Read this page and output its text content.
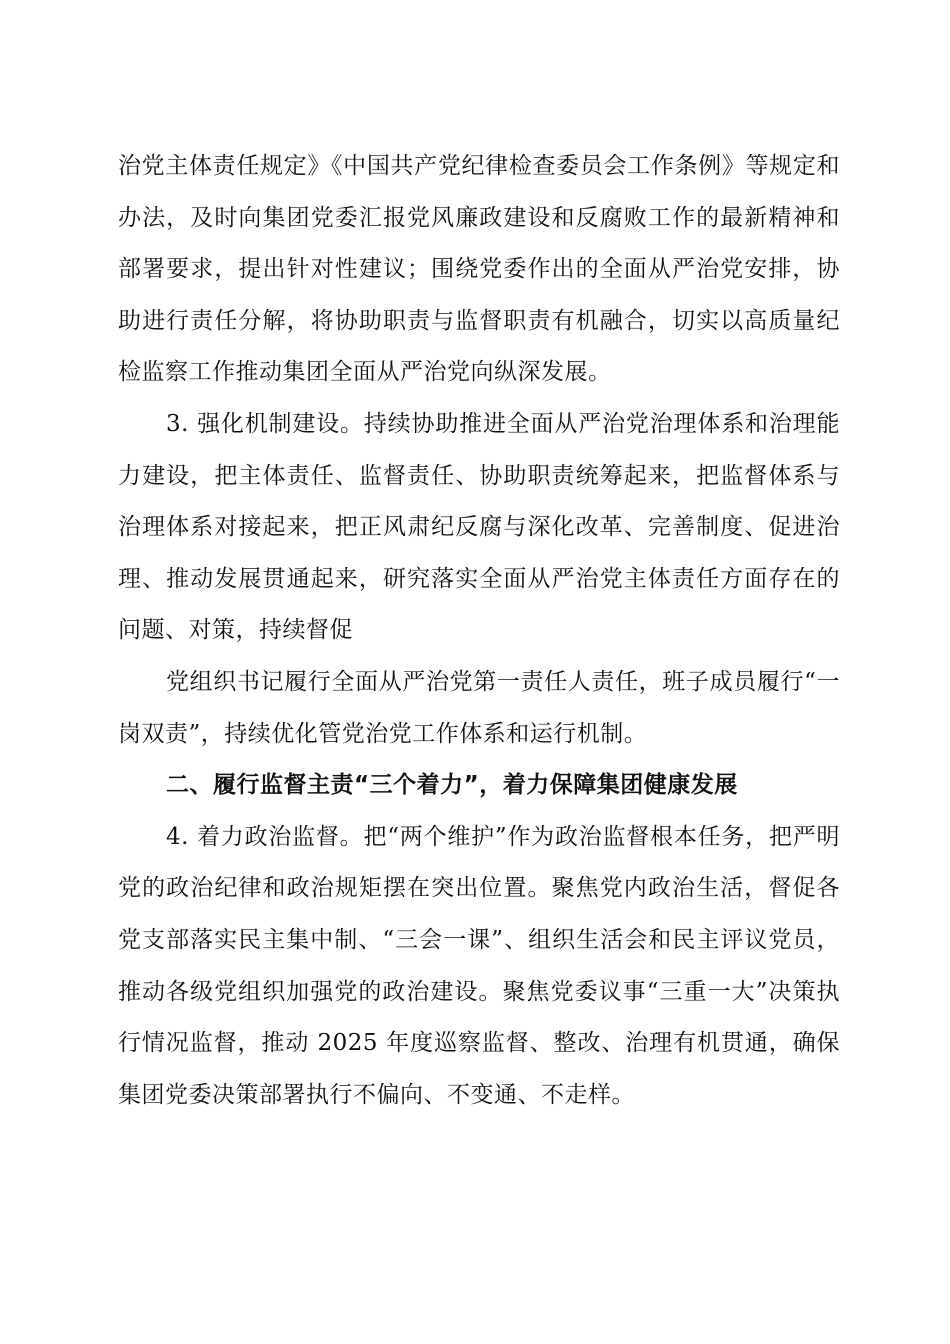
治党主体责任规定》《中国共产党纪律检查委员会工作条例》等规定和办法，及时向集团党委汇报党风廉政建设和反腐败工作的最新精神和部署要求，提出针对性建议；围绕党委作出的全面从严治党安排，协助进行责任分解，将协助职责与监督职责有机融合，切实以高质量纪检监察工作推动集团全面从严治党向纵深发展。

3. 强化机制建设。持续协助推进全面从严治党治理体系和治理能力建设，把主体责任、监督责任、协助职责统筹起来，把监督体系与治理体系对接起来，把正风肃纪反腐与深化改革、完善制度、促进治理、推动发展贯通起来，研究落实全面从严治党主体责任方面存在的问题、对策，持续督促

党组织书记履行全面从严治党第一责任人责任，班子成员履行“一岗双责”，持续优化管党治党工作体系和运行机制。

二、履行监督主责“三个着力”，着力保障集团健康发展

4. 着力政治监督。把“两个维护”作为政治监督根本任务，把严明党的政治纪律和政治规矩摆在突出位置。聚焦党内政治生活，督促各党支部落实民主集中制、“三会一课”、组织生活会和民主评议党员，推动各级党组织加强党的政治建设。聚焦党委议事“三重一大”决策执行情况监督，推动 2025 年度巡察监督、整改、治理有机贯通，确保集团党委决策部署执行不偏向、不变通、不走样。
